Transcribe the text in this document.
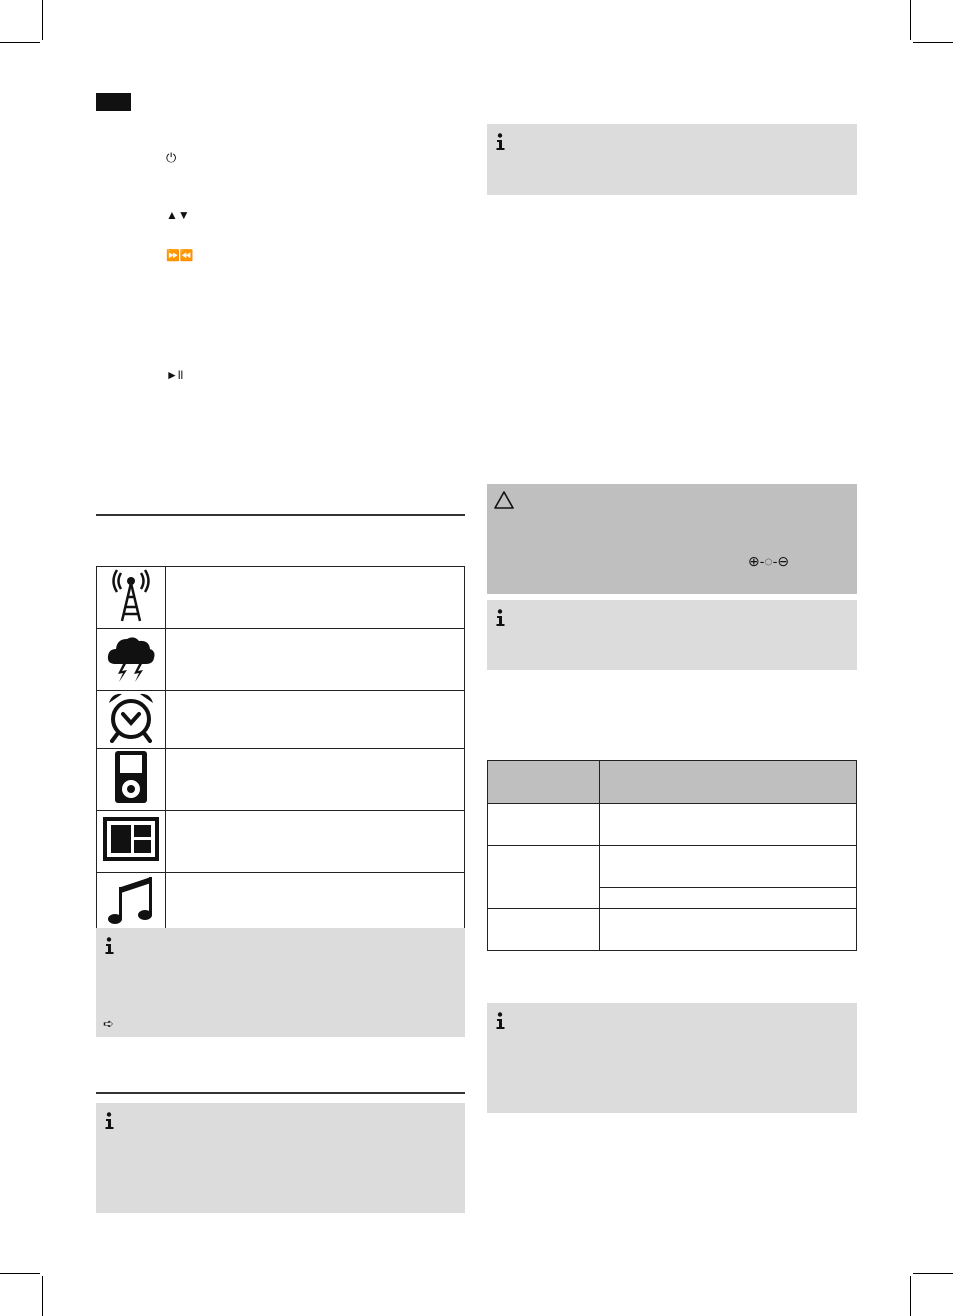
⏻
▲▼
⏩⏪
►ll

➪
⊕-◌-⊖
